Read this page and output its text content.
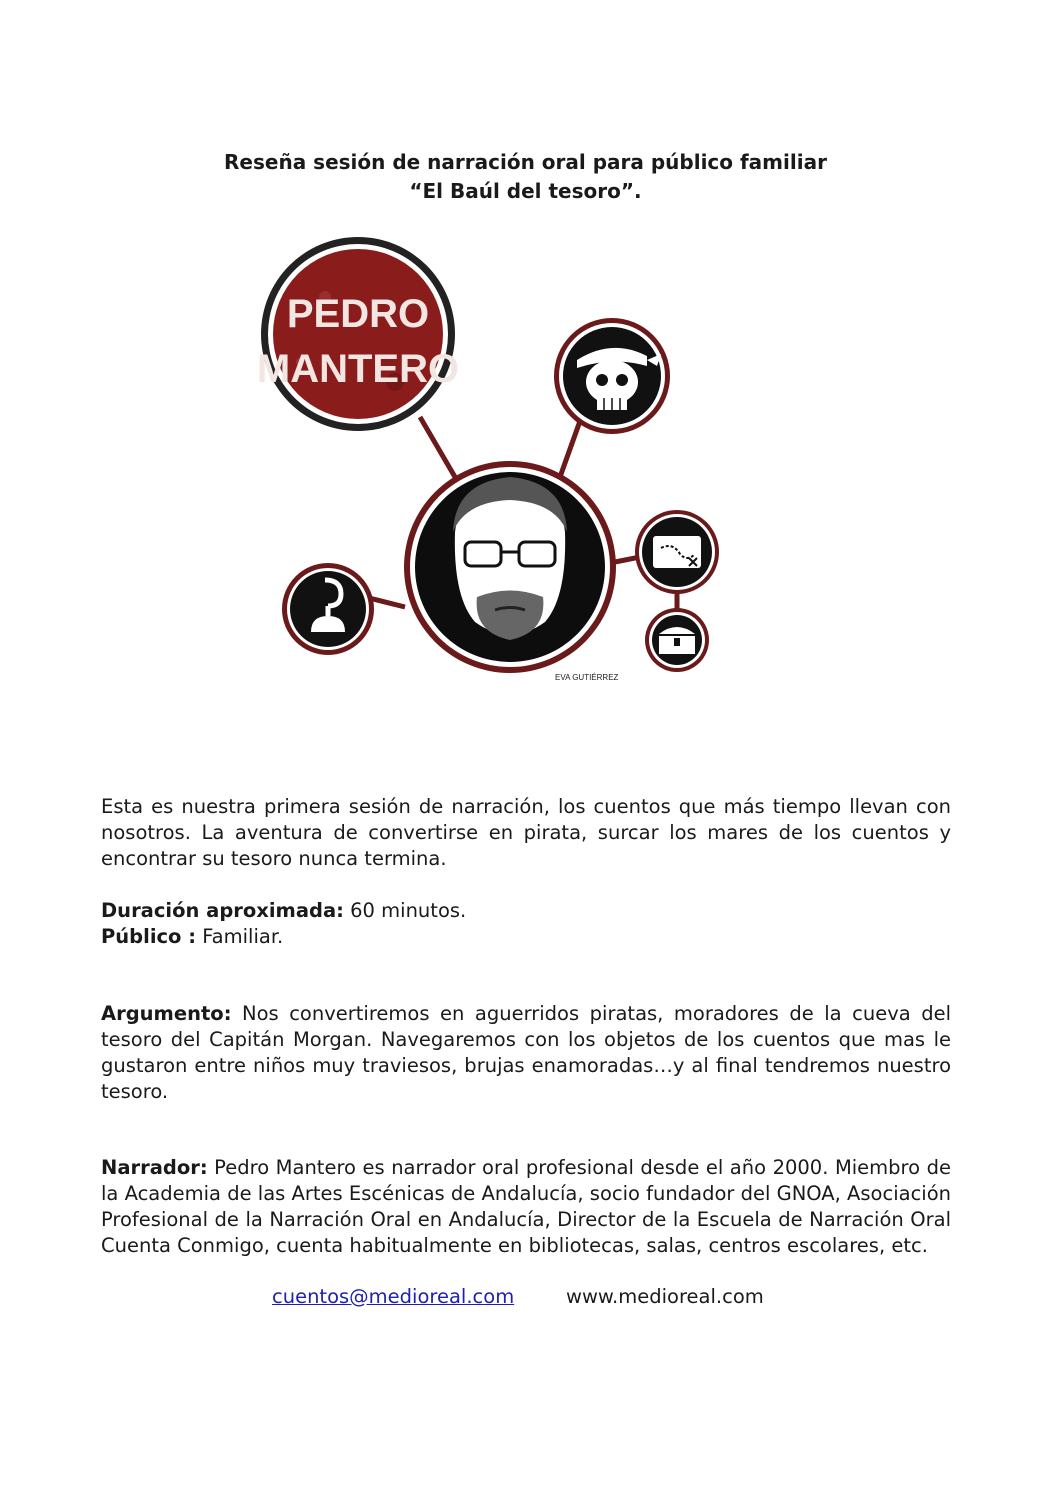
Reseña sesión de narración oral para público familiar
“El Baúl del tesoro”.
PEDRO
MANTERO
EVA GUTIÉRREZ

Esta es nuestra primera sesión de narración, los cuentos que más tiempo llevan con nosotros. La aventura de convertirse en pirata, surcar los mares de los cuentos y encontrar su tesoro nunca termina.

Duración aproximada: 60 minutos.
Público : Familiar.

Argumento: Nos convertiremos en aguerridos piratas, moradores de la cueva del tesoro del Capitán Morgan. Navegaremos con los objetos de los cuentos que mas le gustaron entre niños muy traviesos, brujas enamoradas…y al final tendremos nuestro tesoro.

Narrador: Pedro Mantero es narrador oral profesional desde el año 2000. Miembro de la Academia de las Artes Escénicas de Andalucía, socio fundador del GNOA, Asociación Profesional de la Narración Oral en Andalucía, Director de la Escuela de Narración Oral Cuenta Conmigo, cuenta habitualmente en bibliotecas, salas, centros escolares, etc.

cuentos@medioreal.com	www.medioreal.com
